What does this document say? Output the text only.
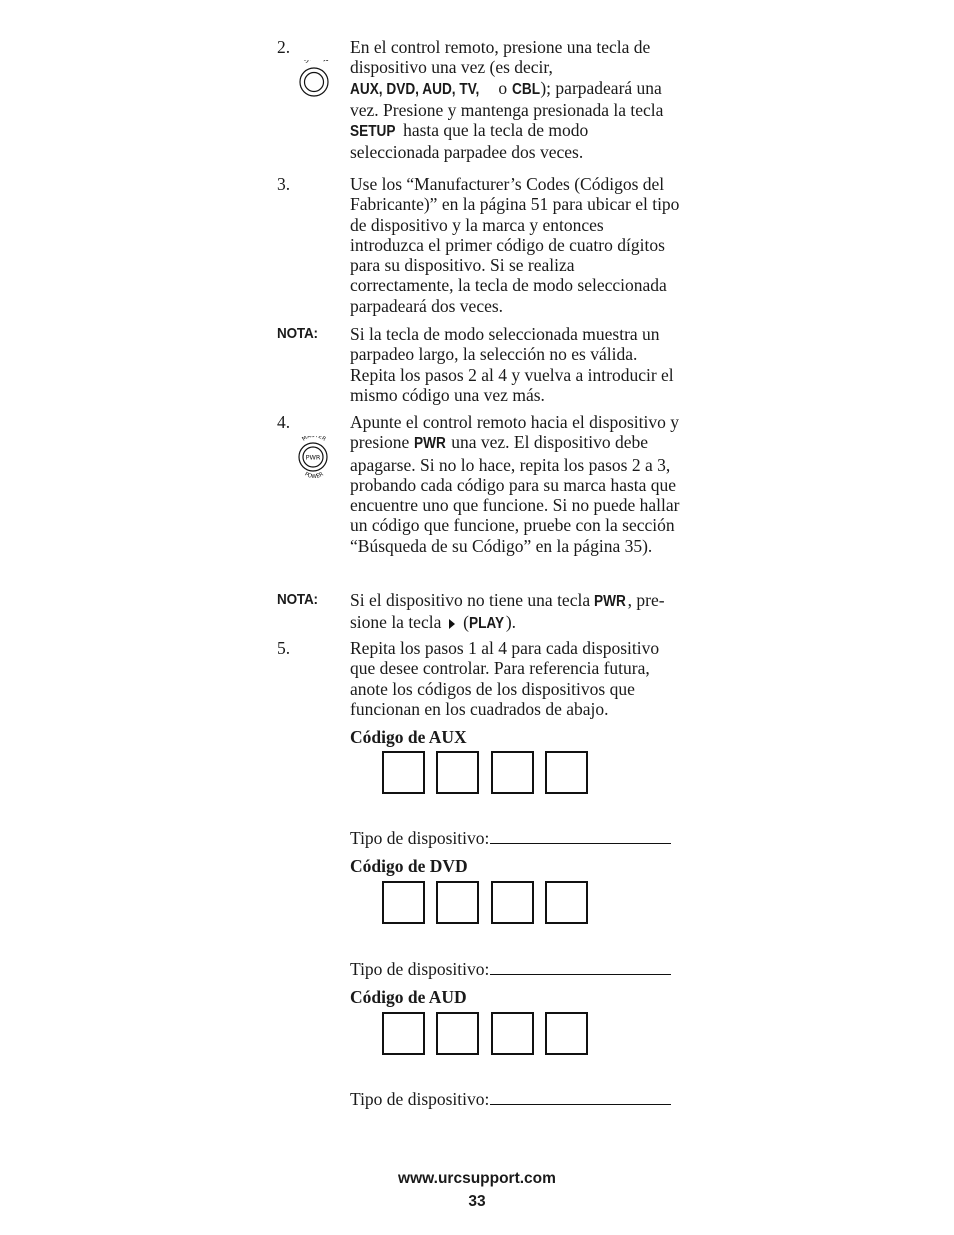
2.
S P
En el control remoto, presione una tecla de dispositivo una vez (es decir, AUX, DVD, AUD, TV, o CBL); parpadeará una vez. Presione y mantenga presionada la tecla SETUP hasta que la tecla de modo seleccionada parpadee dos veces.
3.	Use los “Manufacturer’s Codes (Códigos del Fabricante)” en la página 51 para ubicar el tipo de dispositivo y la marca y entonces introduzca el primer código de cuatro dígitos para su dispositivo. Si se realiza correctamente, la tecla de modo seleccionada parpadeará dos veces.
NOTA: Si la tecla de modo seleccionada muestra un parpadeo largo, la selección no es válida. Repita los pasos 2 al 4 y vuelva a introducir el mismo código una vez más.
4.
MASTER
POWER
PWR
Apunte el control remoto hacia el dispositivo y presione PWR una vez. El dispositivo debe apagarse. Si no lo hace, repita los pasos 2 a 3, probando cada código para su marca hasta que encuentre uno que funcione. Si no puede hallar un código que funcione, pruebe con la sección “Búsqueda de su Código” en la página 35).
NOTA: Si el dispositivo no tiene una tecla PWR, pre-sione la tecla  (PLAY ).
5.	Repita los pasos 1 al 4 para cada dispositivo que desee controlar. Para referencia futura, anote los códigos de los dispositivos que funcionan en los cuadrados de abajo.
Código de AUX
Tipo de dispositivo:
Código de DVD
Tipo de dispositivo:
Código de AUD
Tipo de dispositivo:
www.urcsupport.com
33
